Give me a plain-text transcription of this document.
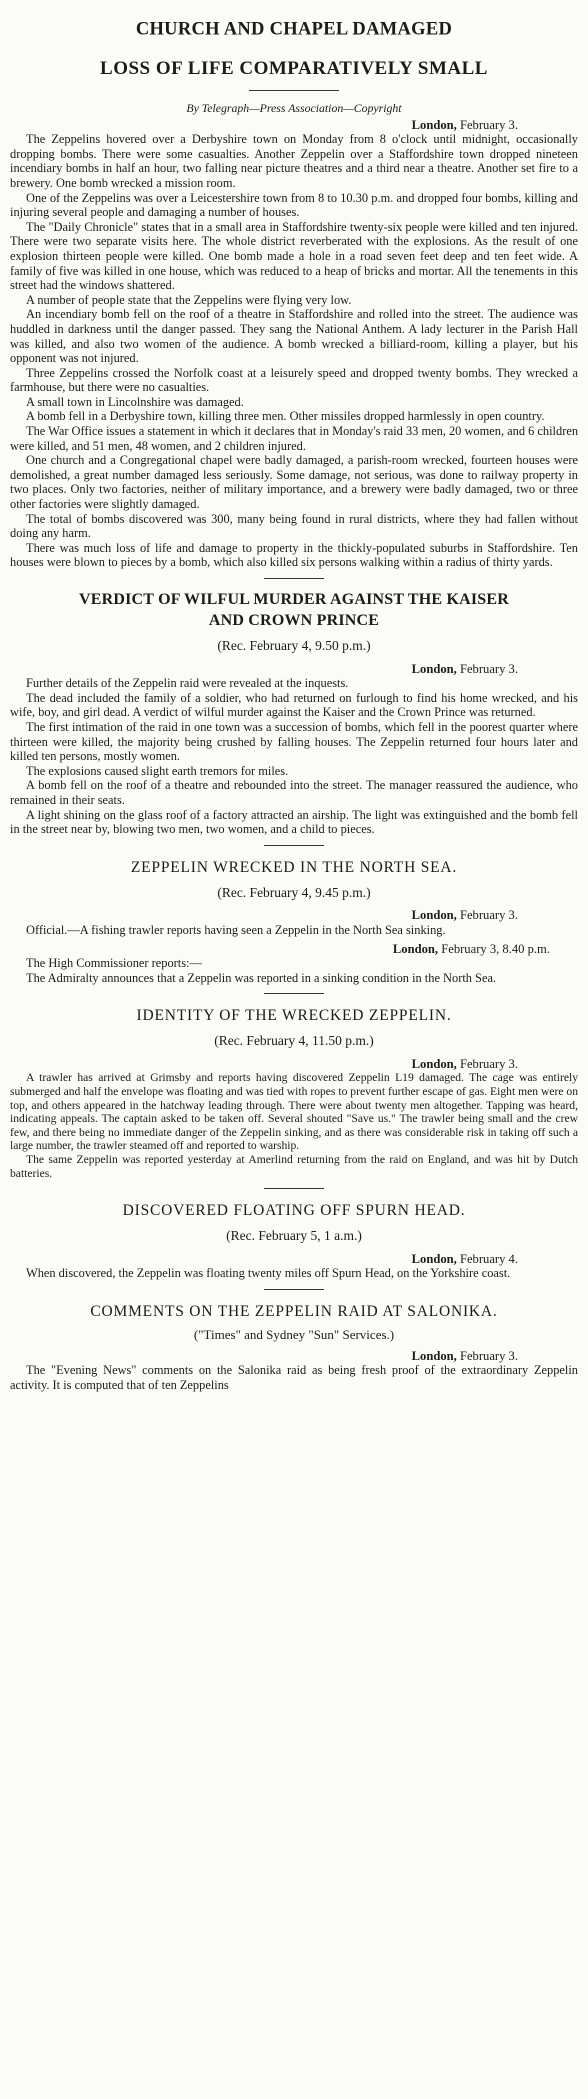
CHURCH AND CHAPEL DAMAGED
LOSS OF LIFE COMPARATIVELY SMALL
By Telegraph—Press Association—Copyright
London, February 3.

The Zeppelins hovered over a Derbyshire town on Monday from 8 o'clock until midnight, occasionally dropping bombs. There were some casualties. Another Zeppelin over a Staffordshire town dropped nineteen incendiary bombs in half an hour, two falling near picture theatres and a third near a theatre. Another set fire to a brewery. One bomb wrecked a mission room.

One of the Zeppelins was over a Leicestershire town from 8 to 10.30 p.m. and dropped four bombs, killing and injuring several people and damaging a number of houses.

The "Daily Chronicle" states that in a small area in Staffordshire twenty-six people were killed and ten injured. There were two separate visits here. The whole district reverberated with the explosions. As the result of one explosion thirteen people were killed. One bomb made a hole in a road seven feet deep and ten feet wide. A family of five was killed in one house, which was reduced to a heap of bricks and mortar. All the tenements in this street had the windows shattered.

A number of people state that the Zeppelins were flying very low.

An incendiary bomb fell on the roof of a theatre in Staffordshire and rolled into the street. The audience was huddled in darkness until the danger passed. They sang the National Anthem. A lady lecturer in the Parish Hall was killed, and also two women of the audience. A bomb wrecked a billiard-room, killing a player, but his opponent was not injured.

Three Zeppelins crossed the Norfolk coast at a leisurely speed and dropped twenty bombs. They wrecked a farmhouse, but there were no casualties.

A small town in Lincolnshire was damaged.

A bomb fell in a Derbyshire town, killing three men. Other missiles dropped harmlessly in open country.

The War Office issues a statement in which it declares that in Monday's raid 33 men, 20 women, and 6 children were killed, and 51 men, 48 women, and 2 children injured.

One church and a Congregational chapel were badly damaged, a parish-room wrecked, fourteen houses were demolished, a great number damaged less seriously. Some damage, not serious, was done to railway property in two places. Only two factories, neither of military importance, and a brewery were badly damaged, two or three other factories were slightly damaged.

The total of bombs discovered was 300, many being found in rural districts, where they had fallen without doing any harm.

There was much loss of life and damage to property in the thickly-populated suburbs in Staffordshire. Ten houses were blown to pieces by a bomb, which also killed six persons walking within a radius of thirty yards.

VERDICT OF WILFUL MURDER AGAINST THE KAISER
AND CROWN PRINCE
(Rec. February 4, 9.50 p.m.)
London, February 3.

Further details of the Zeppelin raid were revealed at the inquests.

The dead included the family of a soldier, who had returned on furlough to find his home wrecked, and his wife, boy, and girl dead. A verdict of wilful murder against the Kaiser and the Crown Prince was returned.

The first intimation of the raid in one town was a succession of bombs, which fell in the poorest quarter where thirteen were killed, the majority being crushed by falling houses. The Zeppelin returned four hours later and killed ten persons, mostly women.

The explosions caused slight earth tremors for miles.

A bomb fell on the roof of a theatre and rebounded into the street. The manager reassured the audience, who remained in their seats.

A light shining on the glass roof of a factory attracted an airship. The light was extinguished and the bomb fell in the street near by, blowing two men, two women, and a child to pieces.

ZEPPELIN WRECKED IN THE NORTH SEA.
(Rec. February 4, 9.45 p.m.)
London, February 3.

Official.—A fishing trawler reports having seen a Zeppelin in the North Sea sinking.

London, February 3, 8.40 p.m.

The High Commissioner reports:—

The Admiralty announces that a Zeppelin was reported in a sinking condition in the North Sea.

IDENTITY OF THE WRECKED ZEPPELIN.
(Rec. February 4, 11.50 p.m.)
London, February 3.

A trawler has arrived at Grimsby and reports having discovered Zeppelin L19 damaged. The cage was entirely submerged and half the envelope was floating and was tied with ropes to prevent further escape of gas. Eight men were on top, and others appeared in the hatchway leading through. There were about twenty men altogether. Tapping was heard, indicating appeals. The captain asked to be taken off. Several shouted "Save us." The trawler being small and the crew few, and there being no immediate danger of the Zeppelin sinking, and as there was considerable risk in taking off such a large number, the trawler steamed off and reported to warship.

The same Zeppelin was reported yesterday at Amerlind returning from the raid on England, and was hit by Dutch batteries.

DISCOVERED FLOATING OFF SPURN HEAD.
(Rec. February 5, 1 a.m.)
London, February 4.

When discovered, the Zeppelin was floating twenty miles off Spurn Head, on the Yorkshire coast.

COMMENTS ON THE ZEPPELIN RAID AT SALONIKA.
("Times" and Sydney "Sun" Services.)
London, February 3.

The "Evening News" comments on the Salonika raid as being fresh proof of the extraordinary Zeppelin activity. It is computed that of ten Zeppelins
